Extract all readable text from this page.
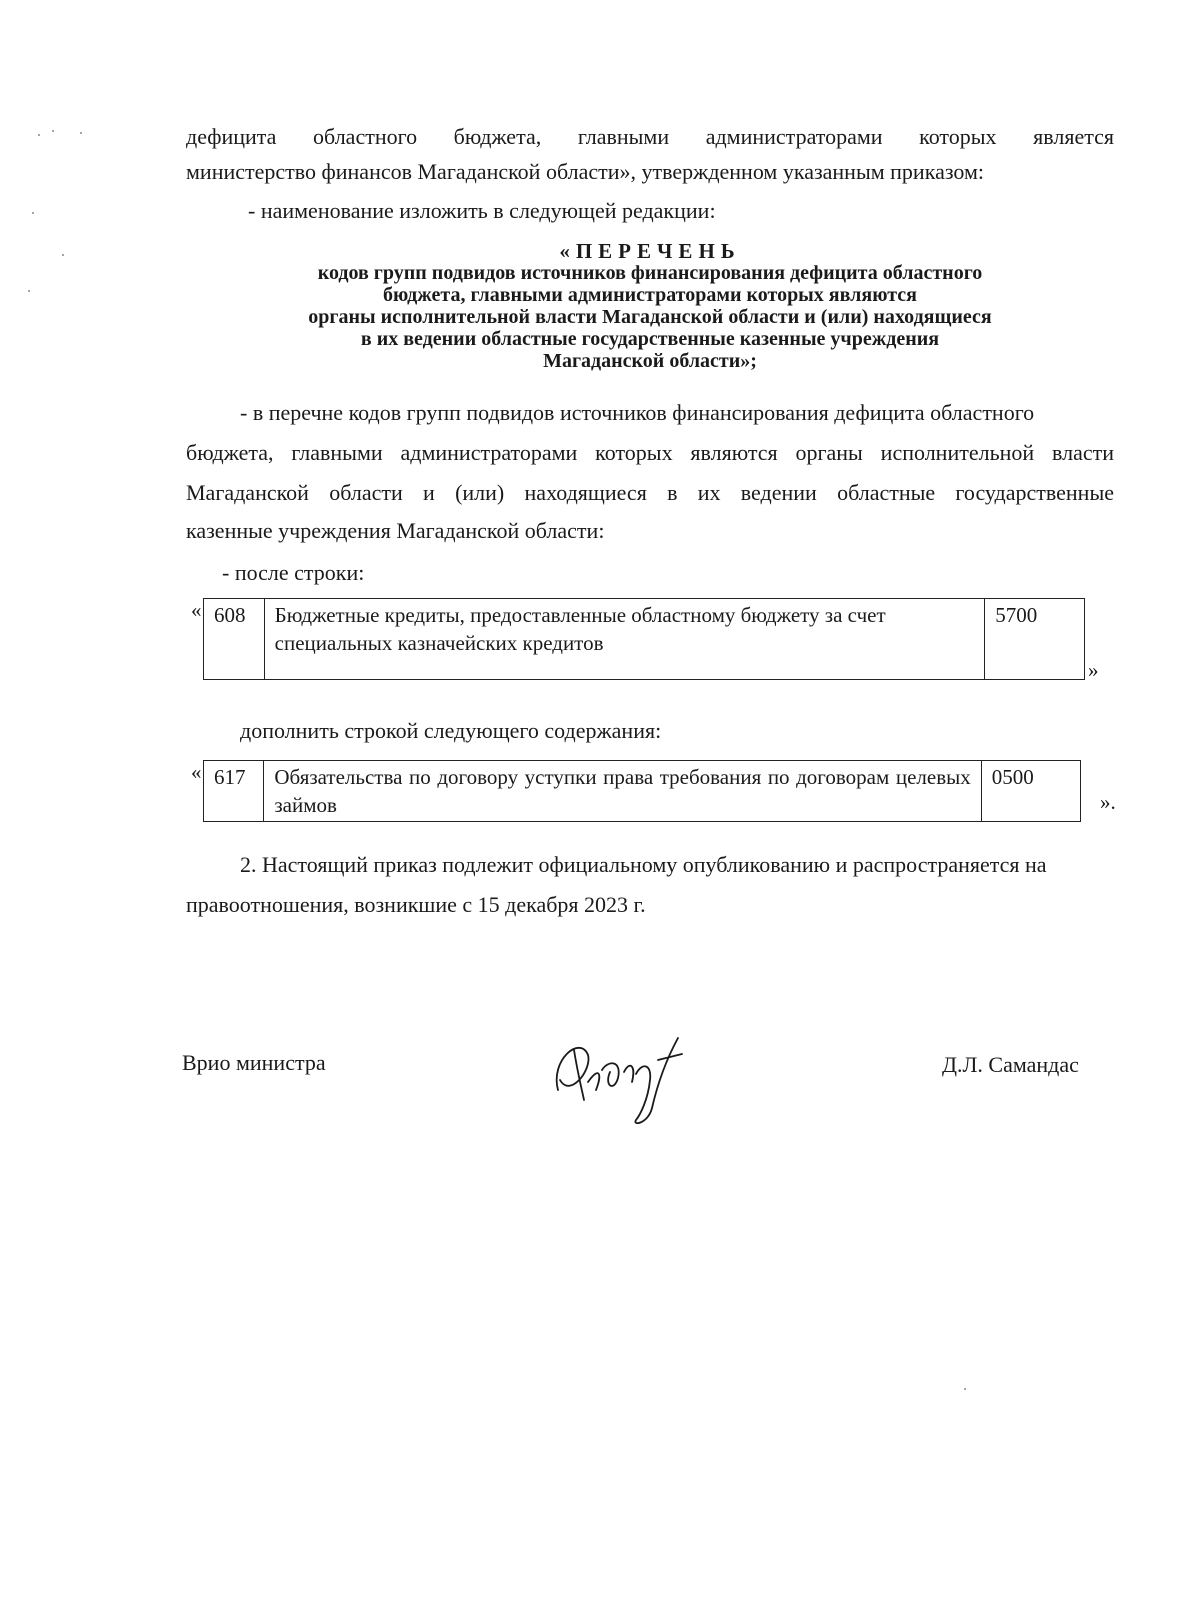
дефицита областного бюджета, главными администраторами которых является

министерство финансов Магаданской области», утвержденном указанным приказом:

- наименование изложить в следующей редакции:

«ПЕРЕЧЕНЬ
кодов групп подвидов источников финансирования дефицита областного
бюджета, главными администраторами которых являются
органы исполнительной власти Магаданской области и (или) находящиеся
в их ведении областные государственные казенные учреждения
Магаданской области»;

- в перечне кодов групп подвидов источников финансирования дефицита областного

бюджета, главными администраторами которых являются органы исполнительной власти

Магаданской области и (или) находящиеся в их ведении областные государственные

казенные учреждения Магаданской области:

- после строки:

« 608	Бюджетные кредиты, предоставленные областному бюджету за счет специальных казначейских кредитов	5700
»

дополнить строкой следующего содержания:

« 617	Обязательства по договору уступки права требования по договорам целевых займов	0500
».

2. Настоящий приказ подлежит официальному опубликованию и распространяется на

правоотношения, возникшие с 15 декабря 2023 г.

Врио министра	Д.Л. Самандас
